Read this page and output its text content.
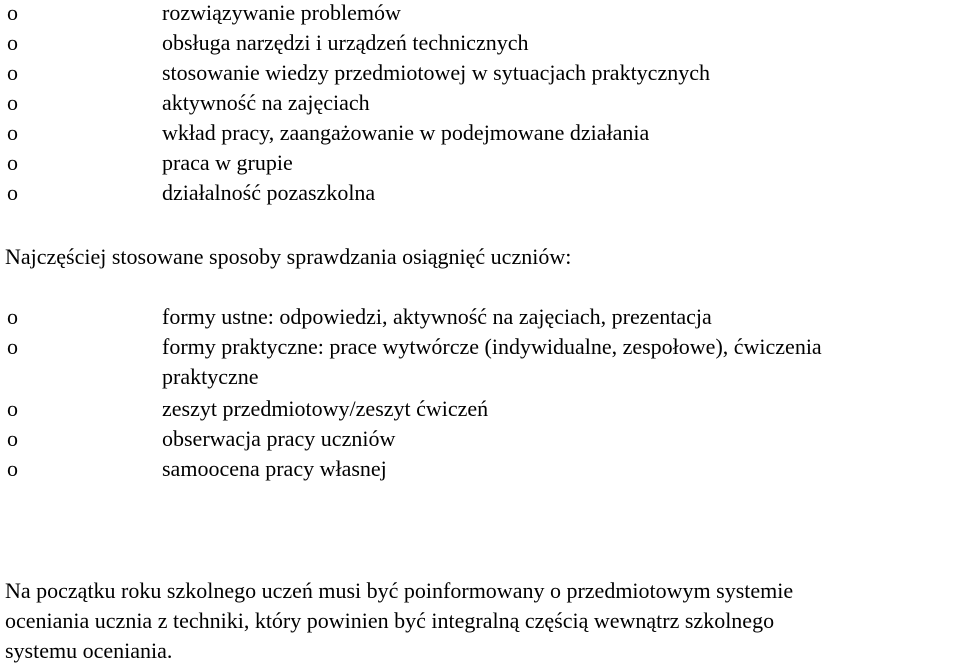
o	rozwiązywanie problemów
o	obsługa narzędzi i urządzeń technicznych
o	stosowanie wiedzy przedmiotowej w sytuacjach praktycznych
o	aktywność na zajęciach
o	wkład pracy, zaangażowanie w podejmowane działania
o	praca w grupie
o	działalność pozaszkolna
Najczęściej stosowane sposoby sprawdzania osiągnięć uczniów:
o	formy ustne: odpowiedzi, aktywność na zajęciach, prezentacja
o	formy praktyczne: prace wytwórcze (indywidualne, zespołowe), ćwiczenia
praktyczne
o	zeszyt przedmiotowy/zeszyt ćwiczeń
o	obserwacja pracy uczniów
o	samoocena pracy własnej
Na początku roku szkolnego uczeń musi być poinformowany o przedmiotowym systemie
oceniania ucznia z techniki, który powinien być integralną częścią wewnątrz szkolnego
systemu oceniania.
